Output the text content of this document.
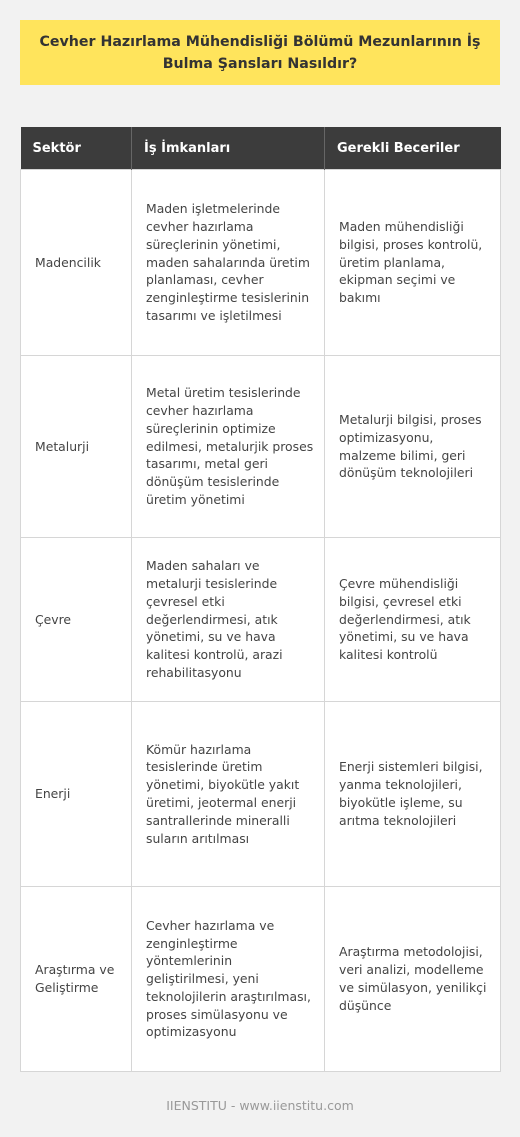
Cevher Hazırlama Mühendisliği Bölümü Mezunlarının İş Bulma Şansları Nasıldır?
Sektör	İş İmkanları	Gerekli Beceriler
Madencilik	Maden işletmelerinde cevher hazırlama süreçlerinin yönetimi, maden sahalarında üretim planlaması, cevher zenginleştirme tesislerinin tasarımı ve işletilmesi	Maden mühendisliği bilgisi, proses kontrolü, üretim planlama, ekipman seçimi ve bakımı
Metalurji	Metal üretim tesislerinde cevher hazırlama süreçlerinin optimize edilmesi, metalurjik proses tasarımı, metal geri dönüşüm tesislerinde üretim yönetimi	Metalurji bilgisi, proses optimizasyonu, malzeme bilimi, geri dönüşüm teknolojileri
Çevre	Maden sahaları ve metalurji tesislerinde çevresel etki değerlendirmesi, atık yönetimi, su ve hava kalitesi kontrolü, arazi rehabilitasyonu	Çevre mühendisliği bilgisi, çevresel etki değerlendirmesi, atık yönetimi, su ve hava kalitesi kontrolü
Enerji	Kömür hazırlama tesislerinde üretim yönetimi, biyokütle yakıt üretimi, jeotermal enerji santrallerinde mineralli suların arıtılması	Enerji sistemleri bilgisi, yanma teknolojileri, biyokütle işleme, su arıtma teknolojileri
Araştırma ve Geliştirme	Cevher hazırlama ve zenginleştirme yöntemlerinin geliştirilmesi, yeni teknolojilerin araştırılması, proses simülasyonu ve optimizasyonu	Araştırma metodolojisi, veri analizi, modelleme ve simülasyon, yenilikçi düşünce
IIENSTITU - www.iienstitu.com
